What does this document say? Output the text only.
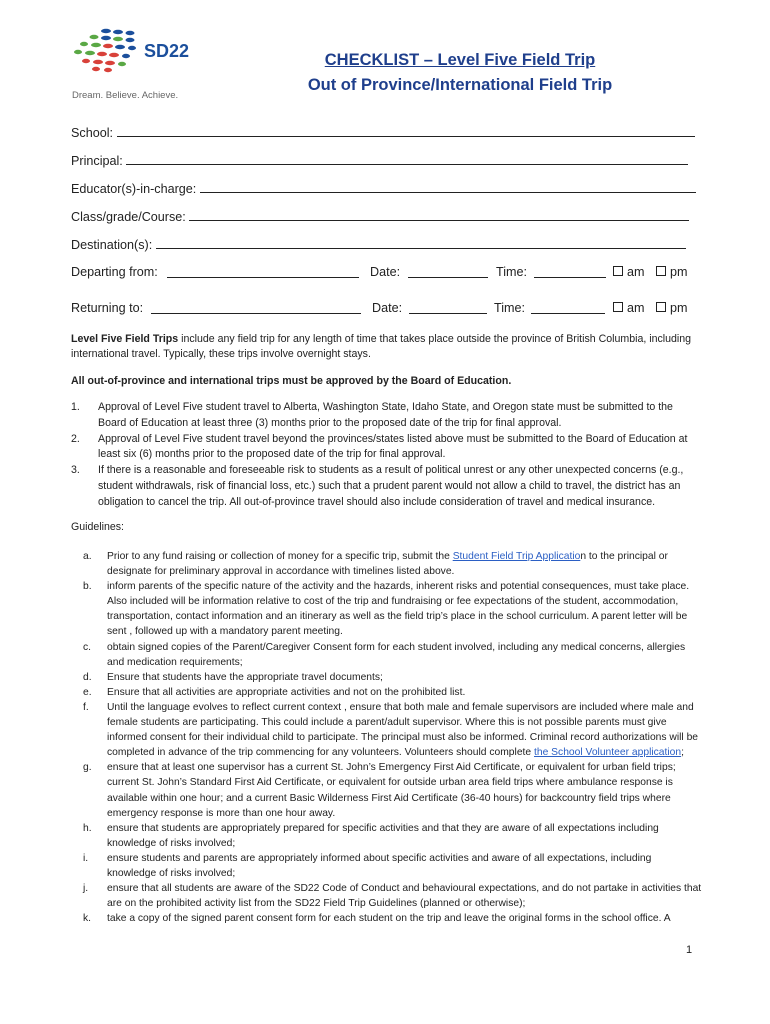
SD22
Dream. Believe. Achieve.
CHECKLIST – Level Five Field Trip
Out of Province/International Field Trip
School:
Principal:
Educator(s)-in-charge:
Class/grade/Course:
Destination(s):
Departing from:	Date:	Time:	am	pm
Returning to:	Date:	Time:	am	pm
Level Five Field Trips include any field trip for any length of time that takes place outside the province of British Columbia, including international travel. Typically, these trips involve overnight stays.
All out-of-province and international trips must be approved by the Board of Education.
1.	Approval of Level Five student travel to Alberta, Washington State, Idaho State, and Oregon state must be submitted to the Board of Education at least three (3) months prior to the proposed date of the trip for final approval.
2.	Approval of Level Five student travel beyond the provinces/states listed above must be submitted to the Board of Education at least six (6) months prior to the proposed date of the trip for final approval.
3.	If there is a reasonable and foreseeable risk to students as a result of political unrest or any other unexpected concerns (e.g., student withdrawals, risk of financial loss, etc.) such that a prudent parent would not allow a child to travel, the district has an obligation to cancel the trip. All out-of-province travel should also include consideration of travel and medical insurance.
Guidelines:
a.	Prior to any fund raising or collection of money for a specific trip, submit the Student Field Trip Application to the principal or designate for preliminary approval in accordance with timelines listed above.
b.	inform parents of the specific nature of the activity and the hazards, inherent risks and potential consequences, must take place. Also included will be information relative to cost of the trip and fundraising or fee expectations of the student, accommodation, transportation, contact information and an itinerary as well as the field trip’s place in the school curriculum. A parent letter will be sent , followed up with a mandatory parent meeting.
c.	obtain signed copies of the Parent/Caregiver Consent form for each student involved, including any medical concerns, allergies and medication requirements;
d.	Ensure that students have the appropriate travel documents;
e.	Ensure that all activities are appropriate activities and not on the prohibited list.
f.	Until the language evolves to reflect current context , ensure that both male and female supervisors are included where male and female students are participating. This could include a parent/adult supervisor. Where this is not possible parents must give informed consent for their individual child to participate. The principal must also be informed. Criminal record authorizations will be completed in advance of the trip commencing for any volunteers. Volunteers should complete the School Volunteer application;
g.	ensure that at least one supervisor has a current St. John’s Emergency First Aid Certificate, or equivalent for urban field trips; current St. John’s Standard First Aid Certificate, or equivalent for outside urban area field trips where ambulance response is available within one hour; and a current Basic Wilderness First Aid Certificate (36-40 hours) for backcountry field trips where emergency response is more than one hour away.
h.	ensure that students are appropriately prepared for specific activities and that they are aware of all expectations including knowledge of risks involved;
i.	ensure students and parents are appropriately informed about specific activities and aware of all expectations, including knowledge of risks involved;
j.	ensure that all students are aware of the SD22 Code of Conduct and behavioural expectations, and do not partake in activities that are on the prohibited activity list from the SD22 Field Trip Guidelines (planned or otherwise);
k.	take a copy of the signed parent consent form for each student on the trip and leave the original forms in the school office. A
1
